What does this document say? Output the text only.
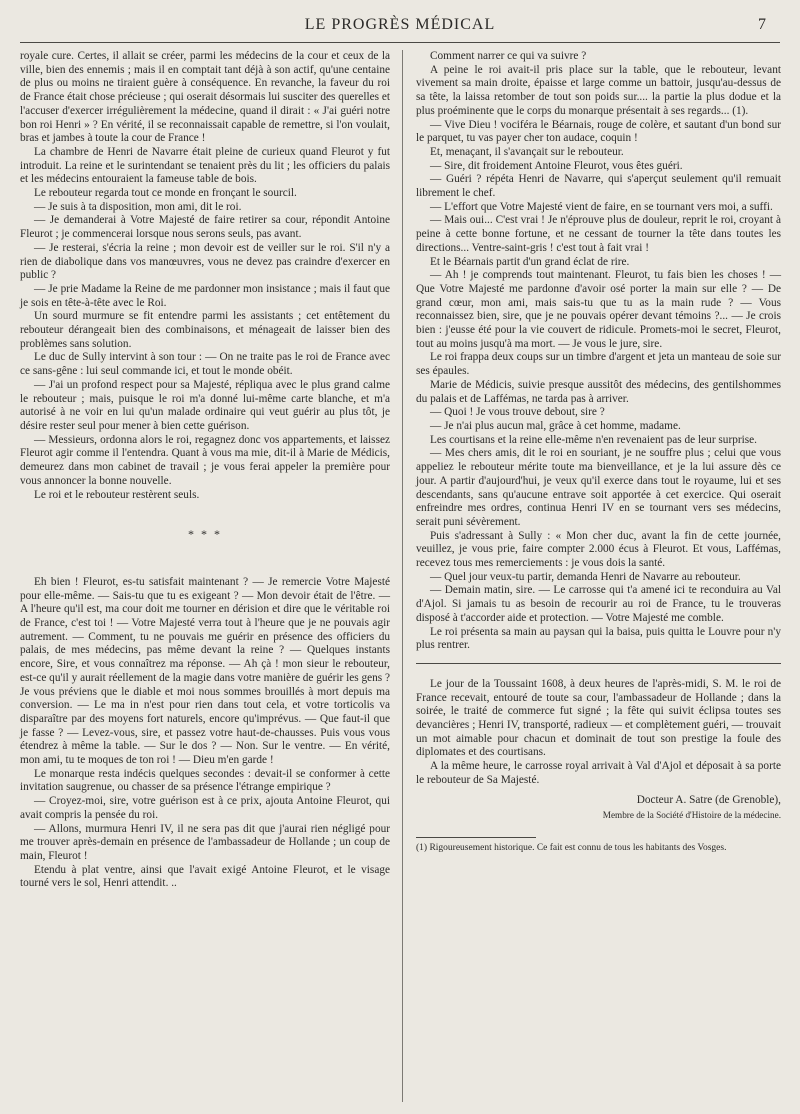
LE PROGRÈS MÉDICAL	7

royale cure. Certes, il allait se créer, parmi les médecins de la cour et ceux de la ville, bien des ennemis ; mais il en comptait tant déjà à son actif, qu'une centaine de plus ou moins ne tiraient guère à conséquence. En revanche, la faveur du roi de France était chose précieuse ; qui oserait désormais lui susciter des querelles et l'accuser d'exercer irrégulièrement la médecine, quand il dirait : « J'ai guéri notre bon roi Henri » ? En vérité, il se reconnaissait capable de remettre, si l'on voulait, bras et jambes à toute la cour de France !

La chambre de Henri de Navarre était pleine de curieux quand Fleurot y fut introduit. La reine et le surintendant se tenaient près du lit ; les officiers du palais et les médecins entouraient la fameuse table de bois.

Le rebouteur regarda tout ce monde en fronçant le sourcil.

— Je suis à ta disposition, mon ami, dit le roi.

— Je demanderai à Votre Majesté de faire retirer sa cour, répondit Antoine Fleurot ; je commencerai lorsque nous serons seuls, pas avant.

— Je resterai, s'écria la reine ; mon devoir est de veiller sur le roi. S'il n'y a rien de diabolique dans vos manœuvres, vous ne devez pas craindre d'exercer en public ?

— Je prie Madame la Reine de me pardonner mon insistance ; mais il faut que je sois en tête-à-tête avec le Roi.

Un sourd murmure se fit entendre parmi les assistants ; cet entêtement du rebouteur dérangeait bien des combinaisons, et ménageait de laisser bien des problèmes sans solution.

Le duc de Sully intervint à son tour : — On ne traite pas le roi de France avec ce sans-gêne : lui seul commande ici, et tout le monde obéit.

— J'ai un profond respect pour sa Majesté, répliqua avec le plus grand calme le rebouteur ; mais, puisque le roi m'a donné lui-même carte blanche, et m'a autorisé à ne voir en lui qu'un malade ordinaire qui veut guérir au plus tôt, je désire rester seul pour mener à bien cette guérison.

— Messieurs, ordonna alors le roi, regagnez donc vos appartements, et laissez Fleurot agir comme il l'entendra. Quant à vous ma mie, dit-il à Marie de Médicis, demeurez dans mon cabinet de travail ; je vous ferai appeler la première pour vous annoncer la bonne nouvelle.

Le roi et le rebouteur restèrent seuls.

* * *

Eh bien ! Fleurot, es-tu satisfait maintenant ? — Je remercie Votre Majesté pour elle-même. — Sais-tu que tu es exigeant ? — Mon devoir était de l'être. — A l'heure qu'il est, ma cour doit me tourner en dérision et dire que le véritable roi de France, c'est toi ! — Votre Majesté verra tout à l'heure que je ne pouvais agir autrement. — Comment, tu ne pouvais me guérir en présence des officiers du palais, de mes médecins, pas même devant la reine ? — Quelques instants encore, Sire, et vous connaîtrez ma réponse. — Ah çà ! mon sieur le rebouteur, est-ce qu'il y aurait réellement de la magie dans votre manière de guérir les gens ? Je vous préviens que le diable et moi nous sommes brouillés à mort depuis ma conversion. — Le ma in n'est pour rien dans tout cela, et votre torticolis va disparaître par des moyens fort naturels, encore qu'imprévus. — Que faut-il que je fasse ? — Levez-vous, sire, et passez votre haut-de-chausses. Puis vous vous étendrez à même la table. — Sur le dos ? — Non. Sur le ventre. — En vérité, mon ami, tu te moques de ton roi ! — Dieu m'en garde !

Le monarque resta indécis quelques secondes : devait-il se conformer à cette invitation saugrenue, ou chasser de sa présence l'étrange empirique ?

— Croyez-moi, sire, votre guérison est à ce prix, ajouta Antoine Fleurot, qui avait compris la pensée du roi.

— Allons, murmura Henri IV, il ne sera pas dit que j'aurai rien négligé pour me trouver après-demain en présence de l'ambassadeur de Hollande ; un coup de main, Fleurot !

Etendu à plat ventre, ainsi que l'avait exigé Antoine Fleurot, et le visage tourné vers le sol, Henri attendit. ..

Comment narrer ce qui va suivre ?

A peine le roi avait-il pris place sur la table, que le rebouteur, levant vivement sa main droite, épaisse et large comme un battoir, jusqu'au-dessus de sa tête, la laissa retomber de tout son poids sur.... la partie la plus dodue et la plus proéminente que le corps du monarque présentait à ses regards... (1).

— Vive Dieu ! vociféra le Béarnais, rouge de colère, et sautant d'un bond sur le parquet, tu vas payer cher ton audace, coquin !

Et, menaçant, il s'avançait sur le rebouteur.

— Sire, dit froidement Antoine Fleurot, vous êtes guéri.

— Guéri ? répéta Henri de Navarre, qui s'aperçut seulement qu'il remuait librement le chef.

— L'effort que Votre Majesté vient de faire, en se tournant vers moi, a suffi.

— Mais oui... C'est vrai ! Je n'éprouve plus de douleur, reprit le roi, croyant à peine à cette bonne fortune, et ne cessant de tourner la tête dans toutes les directions... Ventre-saint-gris ! c'est tout à fait vrai !

Et le Béarnais partit d'un grand éclat de rire.

— Ah ! je comprends tout maintenant. Fleurot, tu fais bien les choses ! — Que Votre Majesté me pardonne d'avoir osé porter la main sur elle ? — De grand cœur, mon ami, mais sais-tu que tu as la main rude ? — Vous reconnaissez bien, sire, que je ne pouvais opérer devant témoins ?... — Je crois bien : j'eusse été pour la vie couvert de ridicule. Promets-moi le secret, Fleurot, tout au moins jusqu'à ma mort. — Je vous le jure, sire.

Le roi frappa deux coups sur un timbre d'argent et jeta un manteau de soie sur ses épaules.

Marie de Médicis, suivie presque aussitôt des médecins, des gentilshommes du palais et de Laffémas, ne tarda pas à arriver.

— Quoi ! Je vous trouve debout, sire ?

— Je n'ai plus aucun mal, grâce à cet homme, madame.

Les courtisans et la reine elle-même n'en revenaient pas de leur surprise.

— Mes chers amis, dit le roi en souriant, je ne souffre plus ; celui que vous appeliez le rebouteur mérite toute ma bienveillance, et je la lui assure dès ce jour. A partir d'aujourd'hui, je veux qu'il exerce dans tout le royaume, lui et ses descendants, sans qu'aucune entrave soit apportée à cet exercice. Qui oserait enfreindre mes ordres, continua Henri IV en se tournant vers ses médecins, serait puni sévèrement.

Puis s'adressant à Sully : « Mon cher duc, avant la fin de cette journée, veuillez, je vous prie, faire compter 2.000 écus à Fleurot. Et vous, Laffémas, recevez tous mes remerciements : je vous dois la santé.

— Quel jour veux-tu partir, demanda Henri de Navarre au rebouteur.

— Demain matin, sire. — Le carrosse qui t'a amené ici te reconduira au Val d'Ajol. Si jamais tu as besoin de recourir au roi de France, tu le trouveras disposé à t'accorder aide et protection. — Votre Majesté me comble.

Le roi présenta sa main au paysan qui la baisa, puis quitta le Louvre pour n'y plus rentrer.

Le jour de la Toussaint 1608, à deux heures de l'après-midi, S. M. le roi de France recevait, entouré de toute sa cour, l'ambassadeur de Hollande ; dans la soirée, le traité de commerce fut signé ; la fête qui suivit éclipsa toutes ses devancières ; Henri IV, transporté, radieux — et complètement guéri, — trouvait un mot aimable pour chacun et dominait de tout son prestige la foule des diplomates et des courtisans.

A la même heure, le carrosse royal arrivait à Val d'Ajol et déposait à sa porte le rebouteur de Sa Majesté.

Docteur A. Satre (de Grenoble),
Membre de la Société d'Histoire de la médecine.

(1) Rigoureusement historique. Ce fait est connu de tous les habitants des Vosges.
